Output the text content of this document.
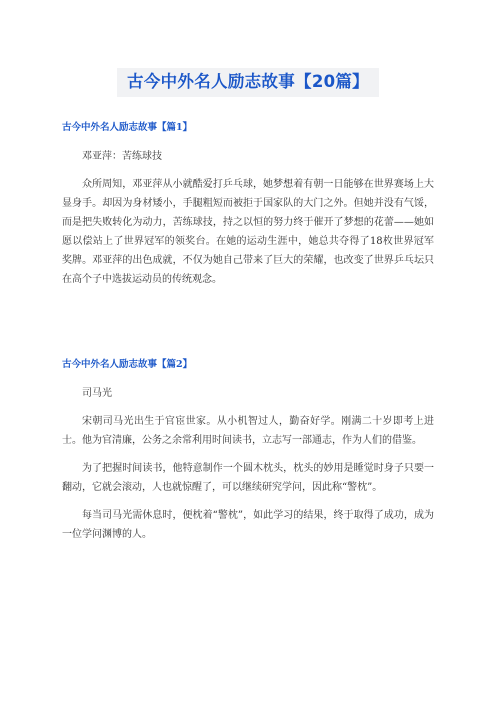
古今中外名人励志故事【20篇】

古今中外名人励志故事【篇1】

邓亚萍：苦练球技

众所周知，邓亚萍从小就酷爱打乒乓球，她梦想着有朝一日能够在世界赛场上大显身手。却因为身材矮小，手腿粗短而被拒于国家队的大门之外。但她并没有气馁，而是把失败转化为动力，苦练球技，持之以恒的努力终于催开了梦想的花蕾——她如愿以偿站上了世界冠军的领奖台。在她的运动生涯中，她总共夺得了18枚世界冠军奖牌。邓亚萍的出色成就，不仅为她自己带来了巨大的荣耀，也改变了世界乒乓坛只在高个子中选拔运动员的传统观念。

古今中外名人励志故事【篇2】

司马光

宋朝司马光出生于官宦世家。从小机智过人，勤奋好学。刚满二十岁即考上进士。他为官清廉，公务之余常利用时间读书，立志写一部通志，作为人们的借鉴。

为了把握时间读书，他特意制作一个圆木枕头，枕头的妙用是睡觉时身子只要一翻动，它就会滚动，人也就惊醒了，可以继续研究学问，因此称“警枕”。

每当司马光需休息时，便枕着“警枕”，如此学习的结果，终于取得了成功，成为一位学问渊博的人。
